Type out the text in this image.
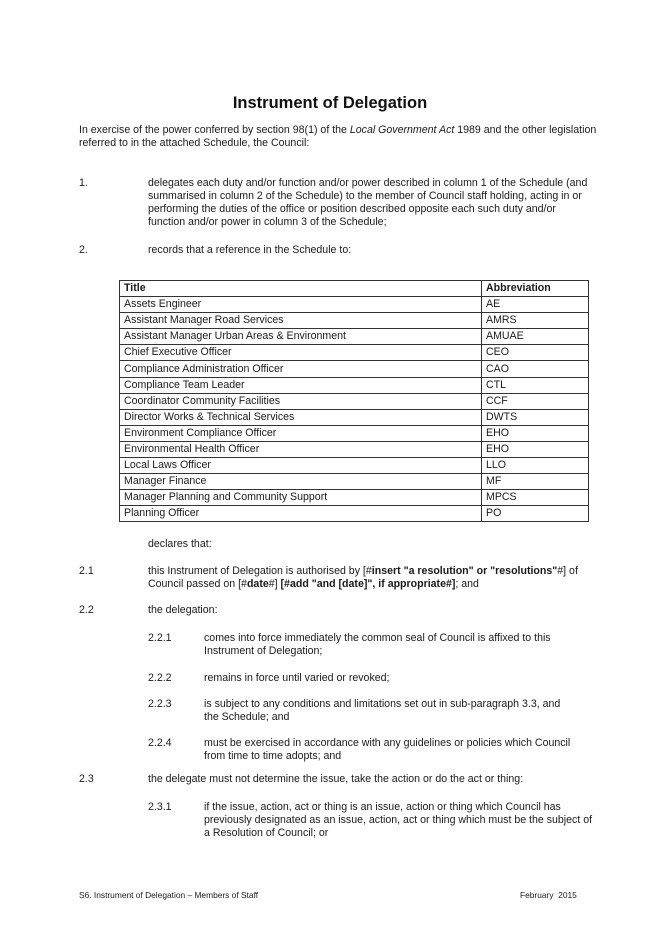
Instrument of Delegation
In exercise of the power conferred by section 98(1) of the Local Government Act 1989 and the other legislation referred to in the attached Schedule, the Council:
1.	delegates each duty and/or function and/or power described in column 1 of the Schedule (and summarised in column 2 of the Schedule) to the member of Council staff holding, acting in or performing the duties of the office or position described opposite each such duty and/or function and/or power in column 3 of the Schedule;
2.	records that a reference in the Schedule to:
Title	Abbreviation
Assets Engineer	AE
Assistant Manager Road Services	AMRS
Assistant Manager Urban Areas & Environment	AMUAE
Chief Executive Officer	CEO
Compliance Administration Officer	CAO
Compliance Team Leader	CTL
Coordinator Community Facilities	CCF
Director Works & Technical Services	DWTS
Environment Compliance Officer	EHO
Environmental Health Officer	EHO
Local Laws Officer	LLO
Manager Finance	MF
Manager Planning and Community Support	MPCS
Planning Officer	PO
declares that:
2.1	this Instrument of Delegation is authorised by [#insert "a resolution" or "resolutions"#] of Council passed on [#date#] [#add "and [date]", if appropriate#]; and
2.2	the delegation:
2.2.1	comes into force immediately the common seal of Council is affixed to this Instrument of Delegation;
2.2.2	remains in force until varied or revoked;
2.2.3	is subject to any conditions and limitations set out in sub-paragraph 3.3, and the Schedule; and
2.2.4	must be exercised in accordance with any guidelines or policies which Council from time to time adopts; and
2.3	the delegate must not determine the issue, take the action or do the act or thing:
2.3.1	if the issue, action, act or thing is an issue, action or thing which Council has previously designated as an issue, action, act or thing which must be the subject of a Resolution of Council; or
S6. Instrument of Delegation – Members of Staff	February  2015
